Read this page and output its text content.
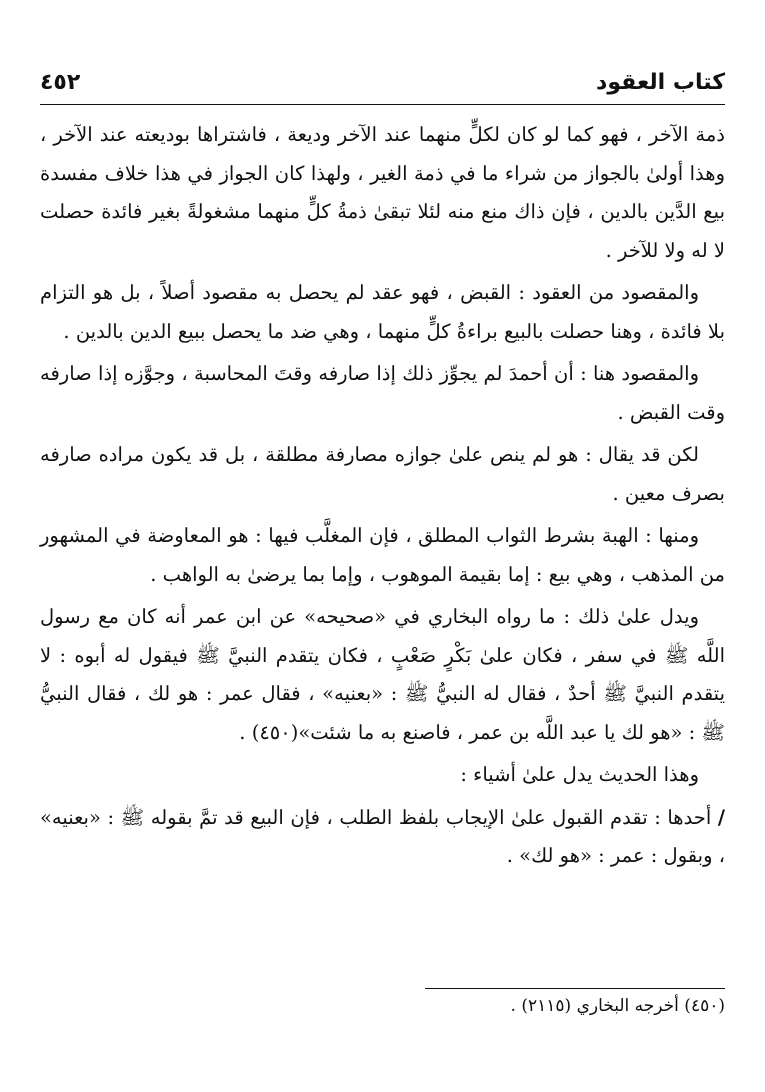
كتاب العقود
٤٥٢

ذمة الآخر ، فهو كما لو كان لكلٍّ منهما عند الآخر وديعة ، فاشتراها بوديعته عند الآخر ، وهذا أولىٰ بالجواز من شراء ما في ذمة الغير ، ولهذا كان الجواز في هذا خلاف مفسدة بيع الدَّين بالدين ، فإن ذاك منع منه لئلا تبقىٰ ذمةُ كلٍّ منهما مشغولةً بغير فائدة حصلت لا له ولا للآخر .

والمقصود من العقود : القبض ، فهو عقد لم يحصل به مقصود أصلاً ، بل هو التزام بلا فائدة ، وهنا حصلت بالبيع براءةُ كلٍّ منهما ، وهي ضد ما يحصل ببيع الدين بالدين .

والمقصود هنا : أن أحمدَ لم يجوِّز ذلك إذا صارفه وقتَ المحاسبة ، وجوَّزه إذا صارفه وقت القبض .

لكن قد يقال : هو لم ينص علىٰ جوازه مصارفة مطلقة ، بل قد يكون مراده صارفه بصرف معين .

ومنها : الهبة بشرط الثواب المطلق ، فإن المغلَّب فيها : هو المعاوضة في المشهور من المذهب ، وهي بيع : إما بقيمة الموهوب ، وإما بما يرضىٰ به الواهب .

ويدل علىٰ ذلك : ما رواه البخاري في «صحيحه» عن ابن عمر أنه كان مع رسول اللَّه ﷺ في سفر ، فكان علىٰ بَكْرٍ صَعْبٍ ، فكان يتقدم النبيَّ ﷺ فيقول له أبوه : لا يتقدم النبيَّ ﷺ أحدٌ ، فقال له النبيُّ ﷺ : «بعنيه» ، فقال عمر : هو لك ، فقال النبيُّ ﷺ : «هو لك يا عبد اللَّه بن عمر ، فاصنع به ما شئت»(٤٥٠) .

وهذا الحديث يدل علىٰ أشياء :

/ أحدها : تقدم القبول علىٰ الإيجاب بلفظ الطلب ، فإن البيع قد تمَّ بقوله ﷺ : «بعنيه» ، وبقول : عمر : «هو لك» .

(٤٥٠) أخرجه البخاري (٢١١٥) .
